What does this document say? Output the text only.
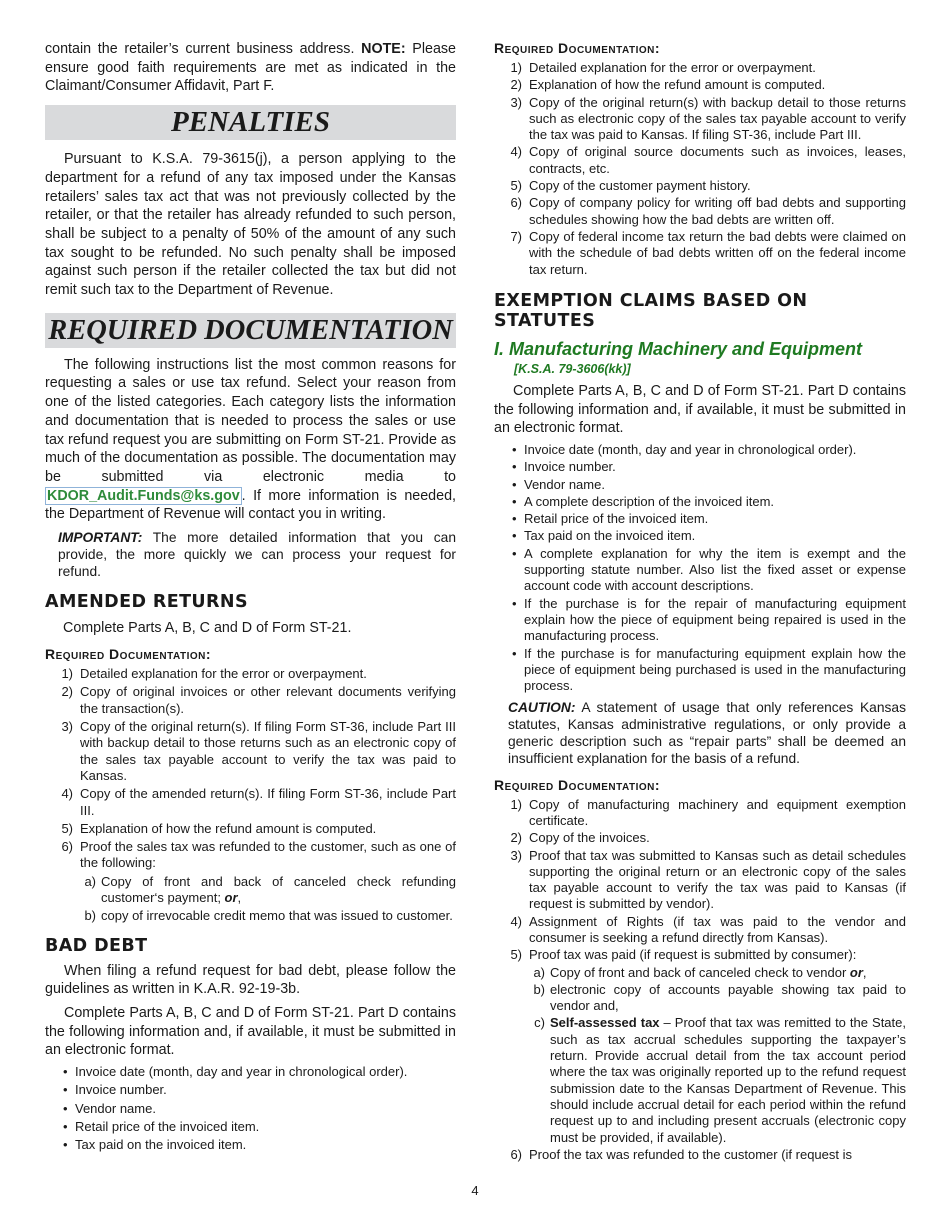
contain the retailer’s current business address. NOTE: Please ensure good faith requirements are met as indicated in the Claimant/Consumer Affidavit, Part F.

PENALTIES

Pursuant to K.S.A. 79-3615(j), a person applying to the department for a refund of any tax imposed under the Kansas retailers’ sales tax act that was not previously collected by the retailer, or that the retailer has already refunded to such person, shall be subject to a penalty of 50% of the amount of any such tax sought to be refunded. No such penalty shall be imposed against such person if the retailer collected the tax but did not remit such tax to the Department of Revenue.

REQUIRED DOCUMENTATION

The following instructions list the most common reasons for requesting a sales or use tax refund. Select your reason from one of the listed categories. Each category lists the information and documentation that is needed to process the sales or use tax refund request you are submitting on Form ST-21. Provide as much of the documentation as possible. The documentation may be submitted via electronic media to KDOR_Audit.Funds@ks.gov . If more information is needed, the Department of Revenue will contact you in writing.

IMPORTANT: The more detailed information that you can provide, the more quickly we can process your request for refund.

AMENDED RETURNS

Complete Parts A, B, C and D of Form ST-21.

Required Documentation:
1) Detailed explanation for the error or overpayment.
2) Copy of original invoices or other relevant documents verifying the transaction(s).
3) Copy of the original return(s). If filing Form ST-36, include Part III with backup detail to those returns such as an electronic copy of the sales tax payable account to verify the tax was paid to Kansas.
4) Copy of the amended return(s). If filing Form ST-36, include Part III.
5) Explanation of how the refund amount is computed.
6) Proof the sales tax was refunded to the customer, such as one of the following:
a) Copy of front and back of canceled check refunding customer‘s payment; or,
b) copy of irrevocable credit memo that was issued to customer.
BAD DEBT

When filing a refund request for bad debt, please follow the guidelines as written in K.A.R. 92-19-3b.

Complete Parts A, B, C and D of Form ST-21. Part D contains the following information and, if available, it must be submitted in an electronic format.

• Invoice date (month, day and year in chronological order).
• Invoice number.
• Vendor name.
• Retail price of the invoiced item.
• Tax paid on the invoiced item.
Required Documentation:
1) Detailed explanation for the error or overpayment.
2) Explanation of how the refund amount is computed.
3) Copy of the original return(s) with backup detail to those returns such as electronic copy of the sales tax payable account to verify the tax was paid to Kansas. If filing ST-36, include Part III.
4) Copy of original source documents such as invoices, leases, contracts, etc.
5) Copy of the customer payment history.
6) Copy of company policy for writing off bad debts and supporting schedules showing how the bad debts are written off.
7) Copy of federal income tax return the bad debts were claimed on with the schedule of bad debts written off on the federal income tax return.
EXEMPTION CLAIMS BASED ON STATUTES
I. Manufacturing Machinery and Equipment
[K.S.A. 79-3606(kk)]

Complete Parts A, B, C and D of Form ST-21. Part D contains the following information and, if available, it must be submitted in an electronic format.

• Invoice date (month, day and year in chronological order).
• Invoice number.
• Vendor name.
• A complete description of the invoiced item.
• Retail price of the invoiced item.
• Tax paid on the invoiced item.
• A complete explanation for why the item is exempt and the supporting statute number. Also list the fixed asset or expense account code with account descriptions.
• If the purchase is for the repair of manufacturing equipment explain how the piece of equipment being repaired is used in the manufacturing process.
• If the purchase is for manufacturing equipment explain how the piece of equipment being purchased is used in the manufacturing process.

CAUTION: A statement of usage that only references Kansas statutes, Kansas administrative regulations, or only provide a generic description such as “repair parts” shall be deemed an insufficient explanation for the basis of a refund.

Required Documentation:
1) Copy of manufacturing machinery and equipment exemption certificate.
2) Copy of the invoices.
3) Proof that tax was submitted to Kansas such as detail schedules supporting the original return or an electronic copy of the sales tax payable account to verify the tax was paid to Kansas (if request is submitted by vendor).
4) Assignment of Rights (if tax was paid to the vendor and consumer is seeking a refund directly from Kansas).
5) Proof tax was paid (if request is submitted by consumer):
a) Copy of front and back of canceled check to vendor or,
b) electronic copy of accounts payable showing tax paid to vendor and,
c) Self-assessed tax – Proof that tax was remitted to the State, such as tax accrual schedules supporting the taxpayer’s return. Provide accrual detail from the tax account period where the tax was originally reported up to the refund request submission date to the Kansas Department of Revenue. This should include accrual detail for each period within the refund request up to and including present accruals (electronic copy must be provided, if available).
6) Proof the tax was refunded to the customer (if request is
4
